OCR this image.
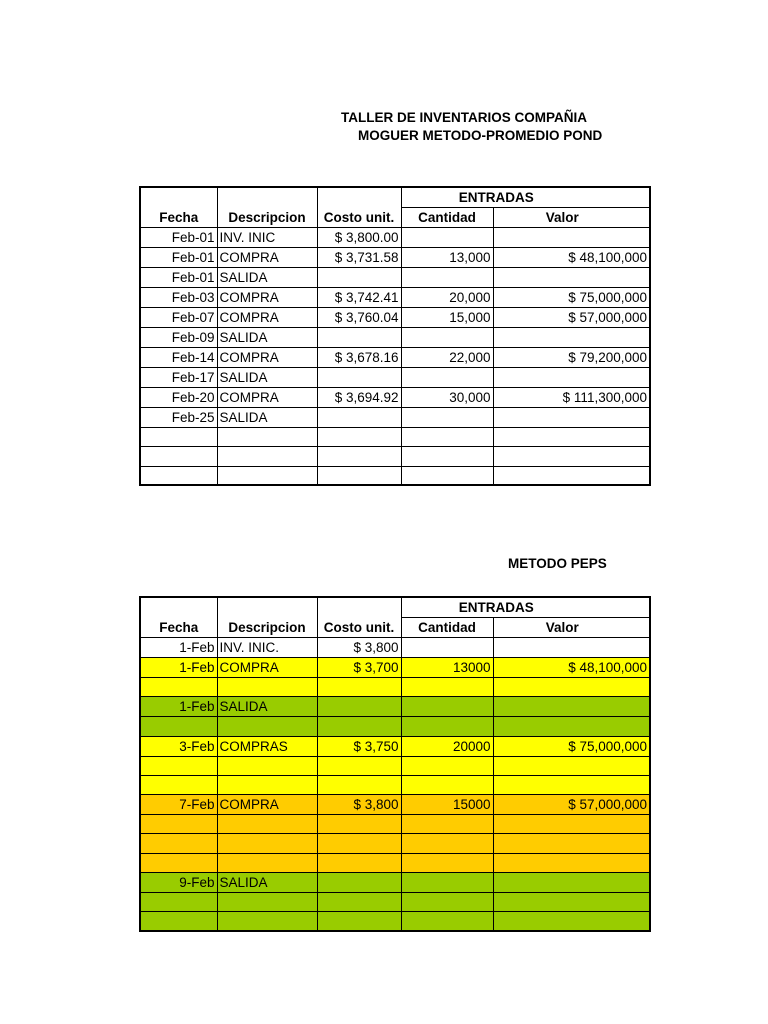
TALLER DE INVENTARIOS COMPAÑIA
MOGUER METODO-PROMEDIO POND
Fecha	Descripcion	Costo unit.	ENTRADAS	
			Cantidad	Valor
Feb-01	INV. INIC	$ 3,800.00		
Feb-01	COMPRA	$ 3,731.58	13,000	$ 48,100,000
Feb-01	SALIDA			
Feb-03	COMPRA	$ 3,742.41	20,000	$ 75,000,000
Feb-07	COMPRA	$ 3,760.04	15,000	$ 57,000,000
Feb-09	SALIDA			
Feb-14	COMPRA	$ 3,678.16	22,000	$ 79,200,000
Feb-17	SALIDA			
Feb-20	COMPRA	$ 3,694.92	30,000	$ 111,300,000
Feb-25	SALIDA			

METODO PEPS
Fecha	Descripcion	Costo unit.	ENTRADAS	
			Cantidad	Valor
1-Feb	INV. INIC.	$ 3,800		
1-Feb	COMPRA	$ 3,700	13000	$ 48,100,000

1-Feb	SALIDA			

3-Feb	COMPRAS	$ 3,750	20000	$ 75,000,000

7-Feb	COMPRA	$ 3,800	15000	$ 57,000,000

9-Feb	SALIDA			
